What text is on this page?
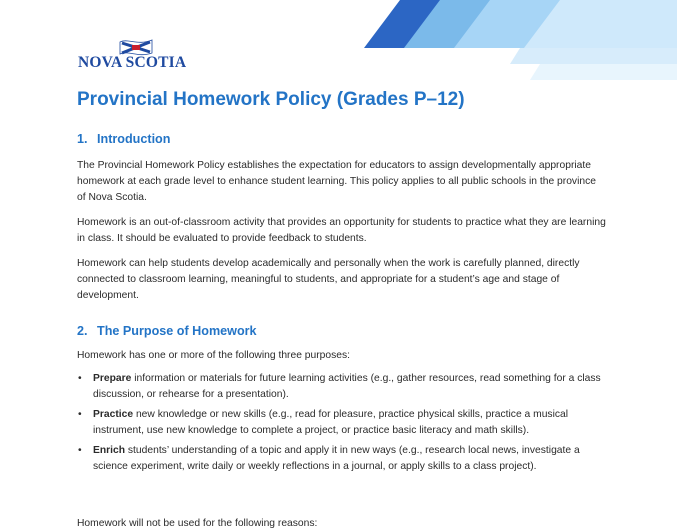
NOVA SCOTIA
Provincial Homework Policy (Grades P–12)
1. Introduction

The Provincial Homework Policy establishes the expectation for educators to assign developmentally appropriate homework at each grade level to enhance student learning. This policy applies to all public schools in the province of Nova Scotia.

Homework is an out-of-classroom activity that provides an opportunity for students to practice what they are learning in class. It should be evaluated to provide feedback to students.

Homework can help students develop academically and personally when the work is carefully planned, directly connected to classroom learning, meaningful to students, and appropriate for a student’s age and stage of development.

2. The Purpose of Homework

Homework has one or more of the following three purposes:

• Prepare information or materials for future learning activities (e.g., gather resources, read something for a class discussion, or rehearse for a presentation).
• Practice new knowledge or new skills (e.g., read for pleasure, practice physical skills, practice a musical instrument, use new knowledge to complete a project, or practice basic literacy and math skills).
• Enrich students’ understanding of a topic and apply it in new ways (e.g., research local news, investigate a science experiment, write daily or weekly reflections in a journal, or apply skills to a class project).

Homework will not be used for the following reasons:
